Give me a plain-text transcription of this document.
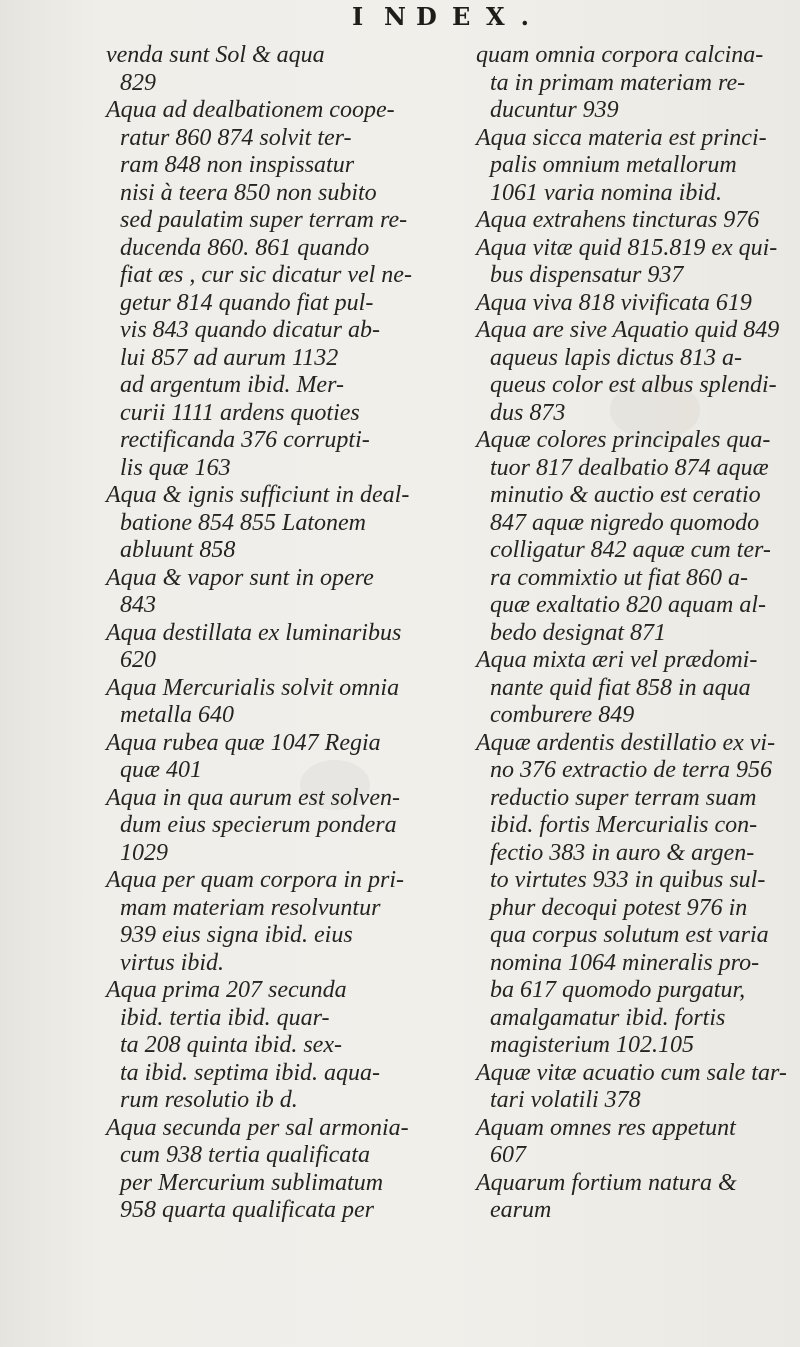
I N
D E X.
venda sunt Sol & aqua
829
Aqua ad dealbationem coope-
ratur 860 874 solvit ter-
ram 848 non inspissatur
nisi à teera 850 non subito
sed paulatim super terram re-
ducenda 860. 861 quando
fiat æs , cur sic dicatur vel ne-
getur 814 quando fiat pul-
vis 843 quando dicatur ab-
lui 857 ad aurum 1132
ad argentum ibid. Mer-
curii 1111 ardens quoties
rectificanda 376 corrupti-
lis quæ 163
Aqua & ignis sufficiunt in deal-
batione 854 855 Latonem
abluunt 858
Aqua & vapor sunt in opere
843
Aqua destillata ex luminaribus
620
Aqua Mercurialis solvit omnia
metalla 640
Aqua rubea quæ 1047 Regia
quæ 401
Aqua in qua aurum est solven-
dum eius specierum pondera
1029
Aqua per quam corpora in pri-
mam materiam resolvuntur
939 eius signa ibid. eius
virtus ibid.
Aqua prima 207 secunda
ibid. tertia ibid. quar-
ta 208 quinta ibid. sex-
ta ibid. septima ibid. aqua-
rum resolutio ib d.
Aqua secunda per sal armonia-
cum 938 tertia qualificata
per Mercurium sublimatum
958 quarta qualificata per
quam omnia corpora calcina-
ta in primam materiam re-
ducuntur 939
Aqua sicca materia est princi-
palis omnium metallorum
1061 varia nomina ibid.
Aqua extrahens tincturas 976
Aqua vitæ quid 815.819 ex qui-
bus dispensatur 937
Aqua viva 818 vivificata 619
Aqua are sive Aquatio quid 849
aqueus lapis dictus 813 a-
queus color est albus splendi-
dus 873
Aquæ colores principales qua-
tuor 817 dealbatio 874 aquæ
minutio & auctio est ceratio
847 aquæ nigredo quomodo
colligatur 842 aquæ cum ter-
ra commixtio ut fiat 860 a-
quæ exaltatio 820 aquam al-
bedo designat 871
Aqua mixta æri vel prædomi-
nante quid fiat 858 in aqua
comburere 849
Aquæ ardentis destillatio ex vi-
no 376 extractio de terra 956
reductio super terram suam
ibid. fortis Mercurialis con-
fectio 383 in auro & argen-
to virtutes 933 in quibus sul-
phur decoqui potest 976 in
qua corpus solutum est varia
nomina 1064 mineralis pro-
ba 617 quomodo purgatur,
amalgamatur ibid. fortis
magisterium 102.105
Aquæ vitæ acuatio cum sale tar-
tari volatili 378
Aquam omnes res appetunt
607
Aquarum fortium natura &
earum
